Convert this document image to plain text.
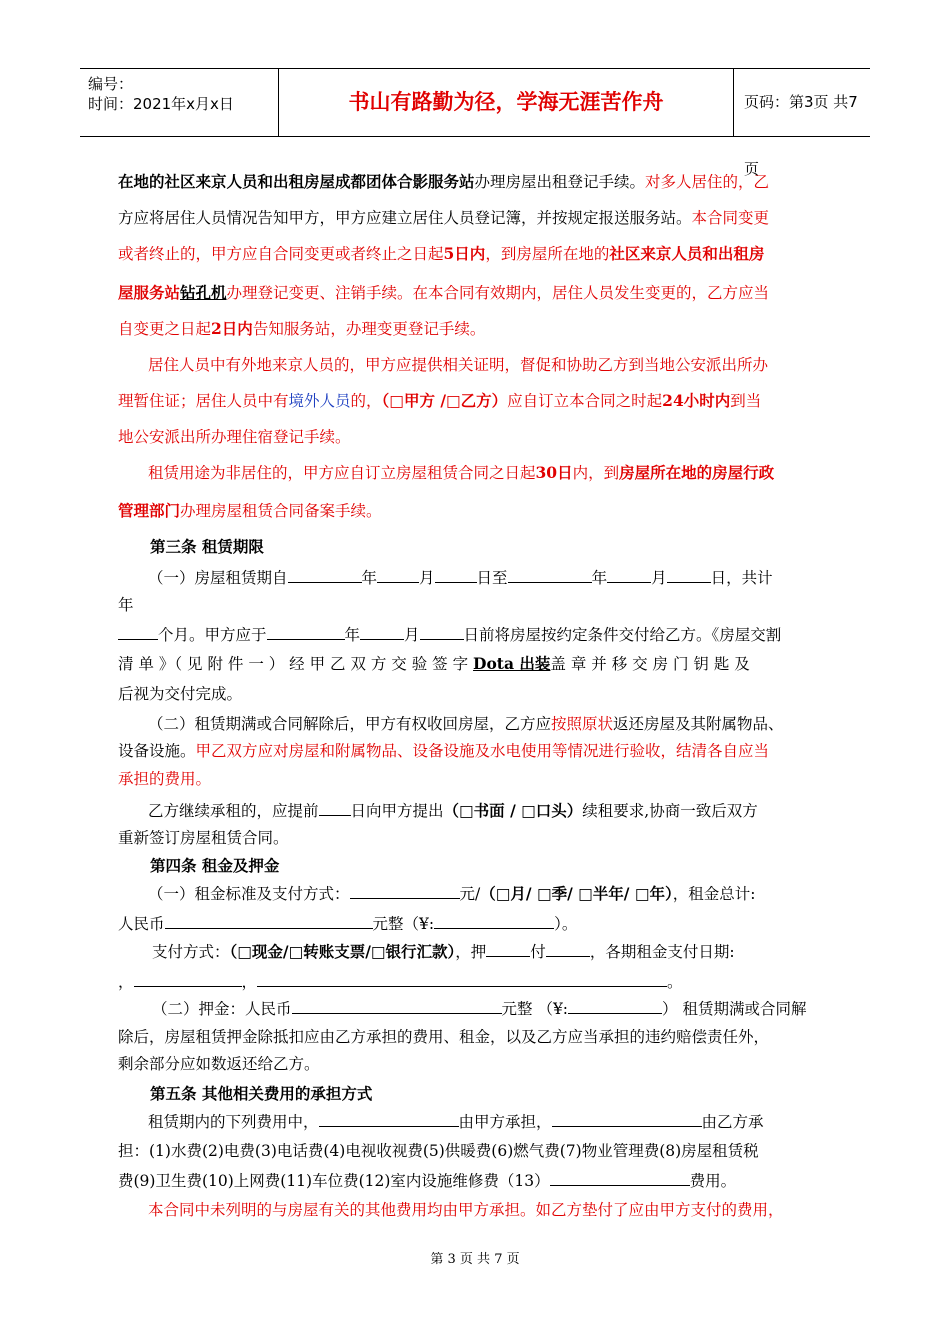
编号：
时间：2021年x月x日	书山有路勤为径，学海无涯苦作舟	页码：第3页 共7页
在地的社区来京人员和出租房屋成都团体合影服务站办理房屋出租登记手续。对多人居住的，乙
方应将居住人员情况告知甲方，甲方应建立居住人员登记簿，并按规定报送服务站。本合同变更
或者终止的，甲方应自合同变更或者终止之日起5日内，到房屋所在地的社区来京人员和出租房
屋服务站钻孔机办理登记变更、注销手续。在本合同有效期内，居住人员发生变更的，乙方应当
自变更之日起2日内告知服务站，办理变更登记手续。
居住人员中有外地来京人员的，甲方应提供相关证明，督促和协助乙方到当地公安派出所办
理暂住证；居住人员中有境外人员的，（□甲方 /□乙方）应自订立本合同之时起24小时内到当
地公安派出所办理住宿登记手续。
租赁用途为非居住的，甲方应自订立房屋租赁合同之日起30日内，到房屋所在地的房屋行政
管理部门办理房屋租赁合同备案手续。
第三条 租赁期限
（一）房屋租赁期自	年	月	日至	年	月	日，共计
年
个月。甲方应于	年	月	日前将房屋按约定条件交付给乙方。《房屋交割
清 单 》（ 见 附 件 一 ） 经 甲 乙 双 方 交 验 签 字 Dota 出装盖 章 并 移 交 房 门 钥 匙 及
后视为交付完成。
（二）租赁期满或合同解除后，甲方有权收回房屋，乙方应按照原状返还房屋及其附属物品、
设备设施。甲乙双方应对房屋和附属物品、设备设施及水电使用等情况进行验收，结清各自应当
承担的费用。
乙方继续承租的，应提前 日向甲方提出（□书面 / □口头）续租要求,协商一致后双方
重新签订房屋租赁合同。
第四条 租金及押金
（一）租金标准及支付方式：	元/（□月/ □季/ □半年/ □年），租金总计:
人民币	元整（¥:	）。
支付方式：（□现金/□转账支票/□银行汇款），押	付	，各期租金支付日期:
，	，	。
（二）押金：人民币	元整 （¥:	） 租赁期满或合同解
除后，房屋租赁押金除抵扣应由乙方承担的费用、租金，以及乙方应当承担的违约赔偿责任外，
剩余部分应如数返还给乙方。
第五条 其他相关费用的承担方式
租赁期内的下列费用中，	由甲方承担，	由乙方承
担：(1)水费(2)电费(3)电话费(4)电视收视费(5)供暖费(6)燃气费(7)物业管理费(8)房屋租赁税
费(9)卫生费(10)上网费(11)车位费(12)室内设施维修费（13）	费用。
本合同中未列明的与房屋有关的其他费用均由甲方承担。如乙方垫付了应由甲方支付的费用，
第 3 页 共 7 页
